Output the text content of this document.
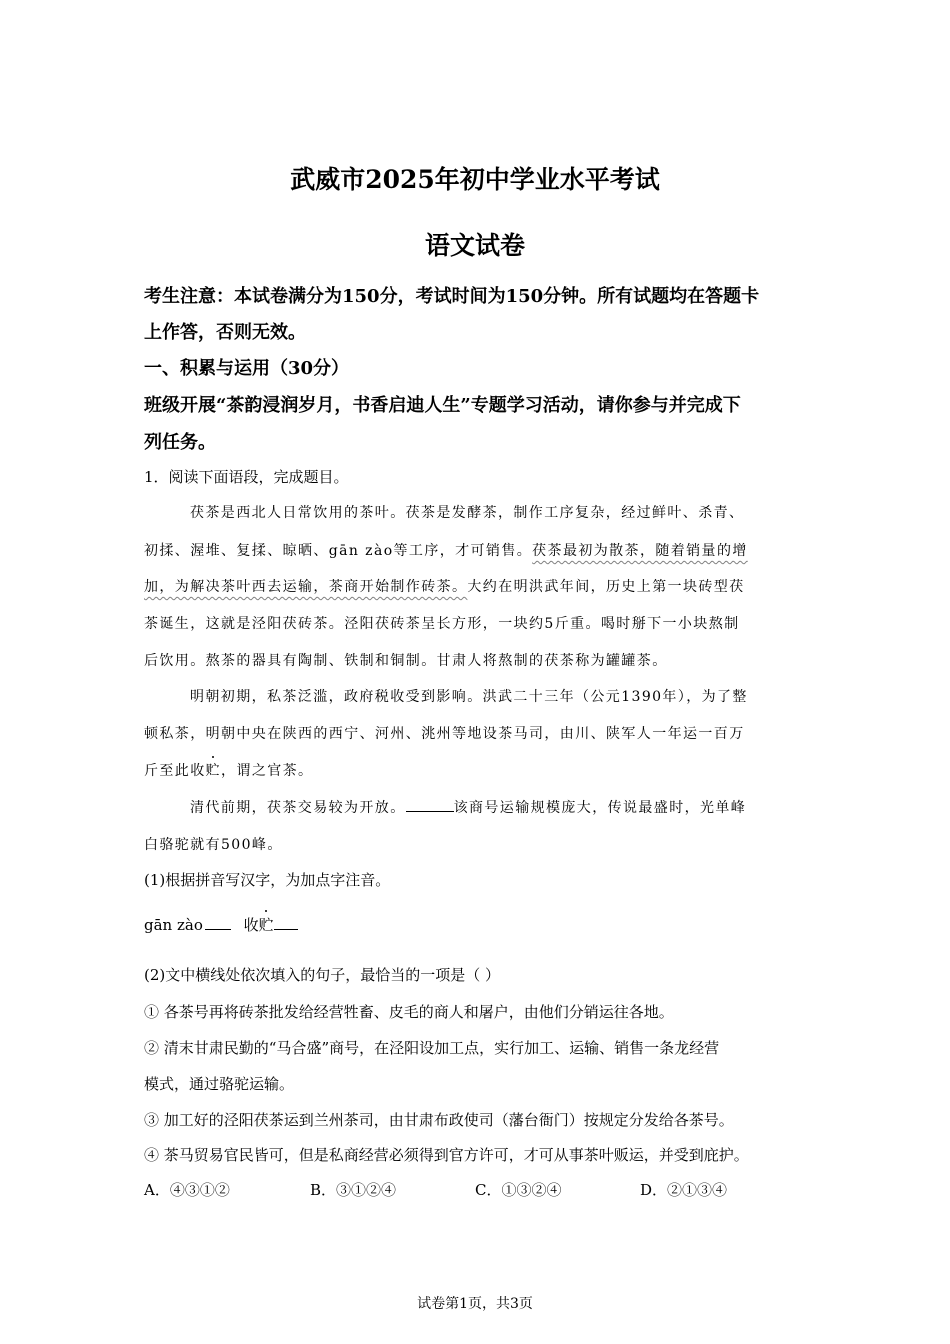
武威市2025年初中学业水平考试
语文试卷
考生注意：本试卷满分为150分，考试时间为150分钟。所有试题均在答题卡
上作答，否则无效。
一、积累与运用（30分）
班级开展“茶韵浸润岁月，书香启迪人生”专题学习活动，请你参与并完成下
列任务。
1．阅读下面语段，完成题目。
茯茶是西北人日常饮用的茶叶。茯茶是发酵茶，制作工序复杂，经过鲜叶、杀青、
初揉、渥堆、复揉、晾晒、gān zào等工序，才可销售。茯茶最初为散茶，随着销量的增
加，为解决茶叶西去运输，茶商开始制作砖茶。大约在明洪武年间，历史上第一块砖型茯
茶诞生，这就是泾阳茯砖茶。泾阳茯砖茶呈长方形，一块约5斤重。喝时掰下一小块熬制
后饮用。熬茶的器具有陶制、铁制和铜制。甘肃人将熬制的茯茶称为罐罐茶。
明朝初期，私茶泛滥，政府税收受到影响。洪武二十三年（公元1390年），为了整
顿私茶，明朝中央在陕西的西宁、河州、洮州等地设茶马司，由川、陕军人一年运一百万
斤至此收贮，谓之官茶。
清代前期，茯茶交易较为开放。	该商号运输规模庞大，传说最盛时，光单峰
白骆驼就有500峰。
(1)根据拼音写汉字，为加点字注音。
gān zào	收贮
(2)文中横线处依次填入的句子，最恰当的一项是（ ）
① 各茶号再将砖茶批发给经营牲畜、皮毛的商人和屠户，由他们分销运往各地。
② 清末甘肃民勤的“马合盛”商号，在泾阳设加工点，实行加工、运输、销售一条龙经营
模式，通过骆驼运输。
③ 加工好的泾阳茯茶运到兰州茶司，由甘肃布政使司（藩台衙门）按规定分发给各茶号。
④ 茶马贸易官民皆可，但是私商经营必须得到官方许可，才可从事茶叶贩运，并受到庇护。
A．④③①②	B．③①②④	C．①③②④	D．②①③④
试卷第1页，共3页
